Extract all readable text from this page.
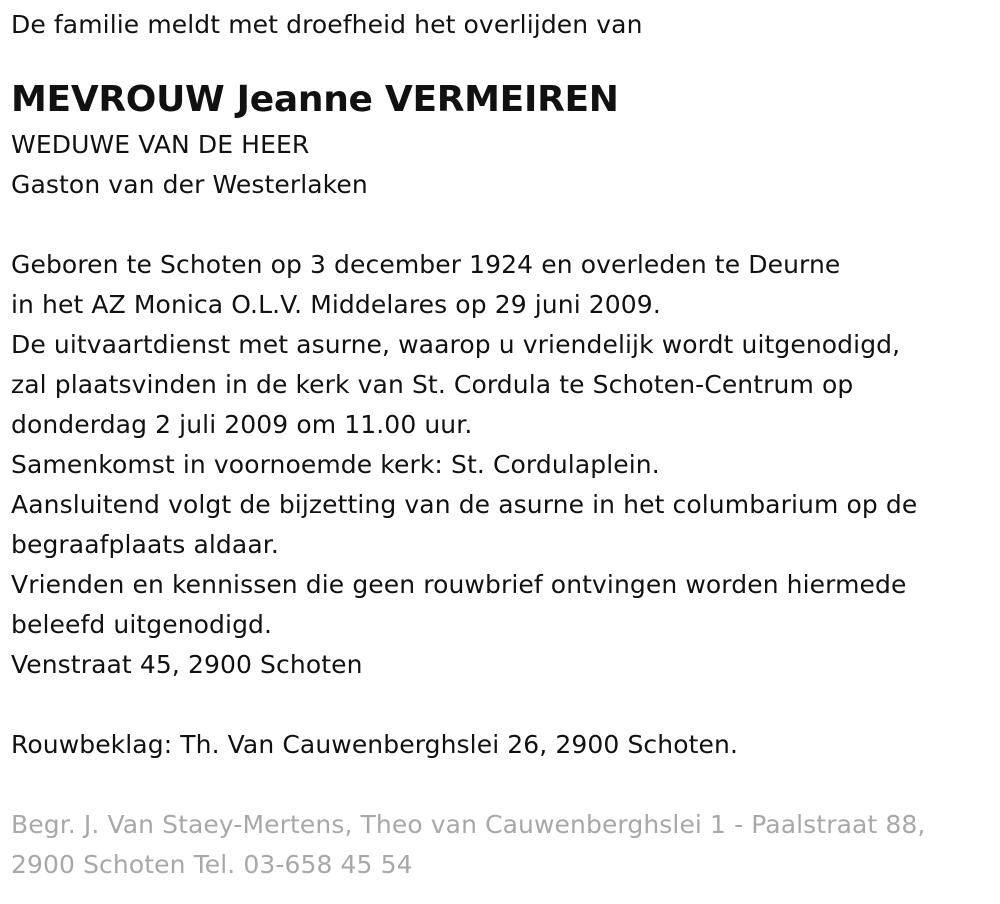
De familie meldt met droefheid het overlijden van
MEVROUW Jeanne VERMEIREN
WEDUWE VAN DE HEER
Gaston van der Westerlaken
Geboren te Schoten op 3 december 1924 en overleden te Deurne
in het AZ Monica O.L.V. Middelares op 29 juni 2009.
De uitvaartdienst met asurne, waarop u vriendelijk wordt uitgenodigd,
zal plaatsvinden in de kerk van St. Cordula te Schoten-Centrum op
donderdag 2 juli 2009 om 11.00 uur.
Samenkomst in voornoemde kerk: St. Cordulaplein.
Aansluitend volgt de bijzetting van de asurne in het columbarium op de
begraafplaats aldaar.
Vrienden en kennissen die geen rouwbrief ontvingen worden hiermede
beleefd uitgenodigd.
Venstraat 45, 2900 Schoten
Rouwbeklag: Th. Van Cauwenberghslei 26, 2900 Schoten.
Begr. J. Van Staey-Mertens, Theo van Cauwenberghslei 1 - Paalstraat 88,
2900 Schoten Tel. 03-658 45 54
